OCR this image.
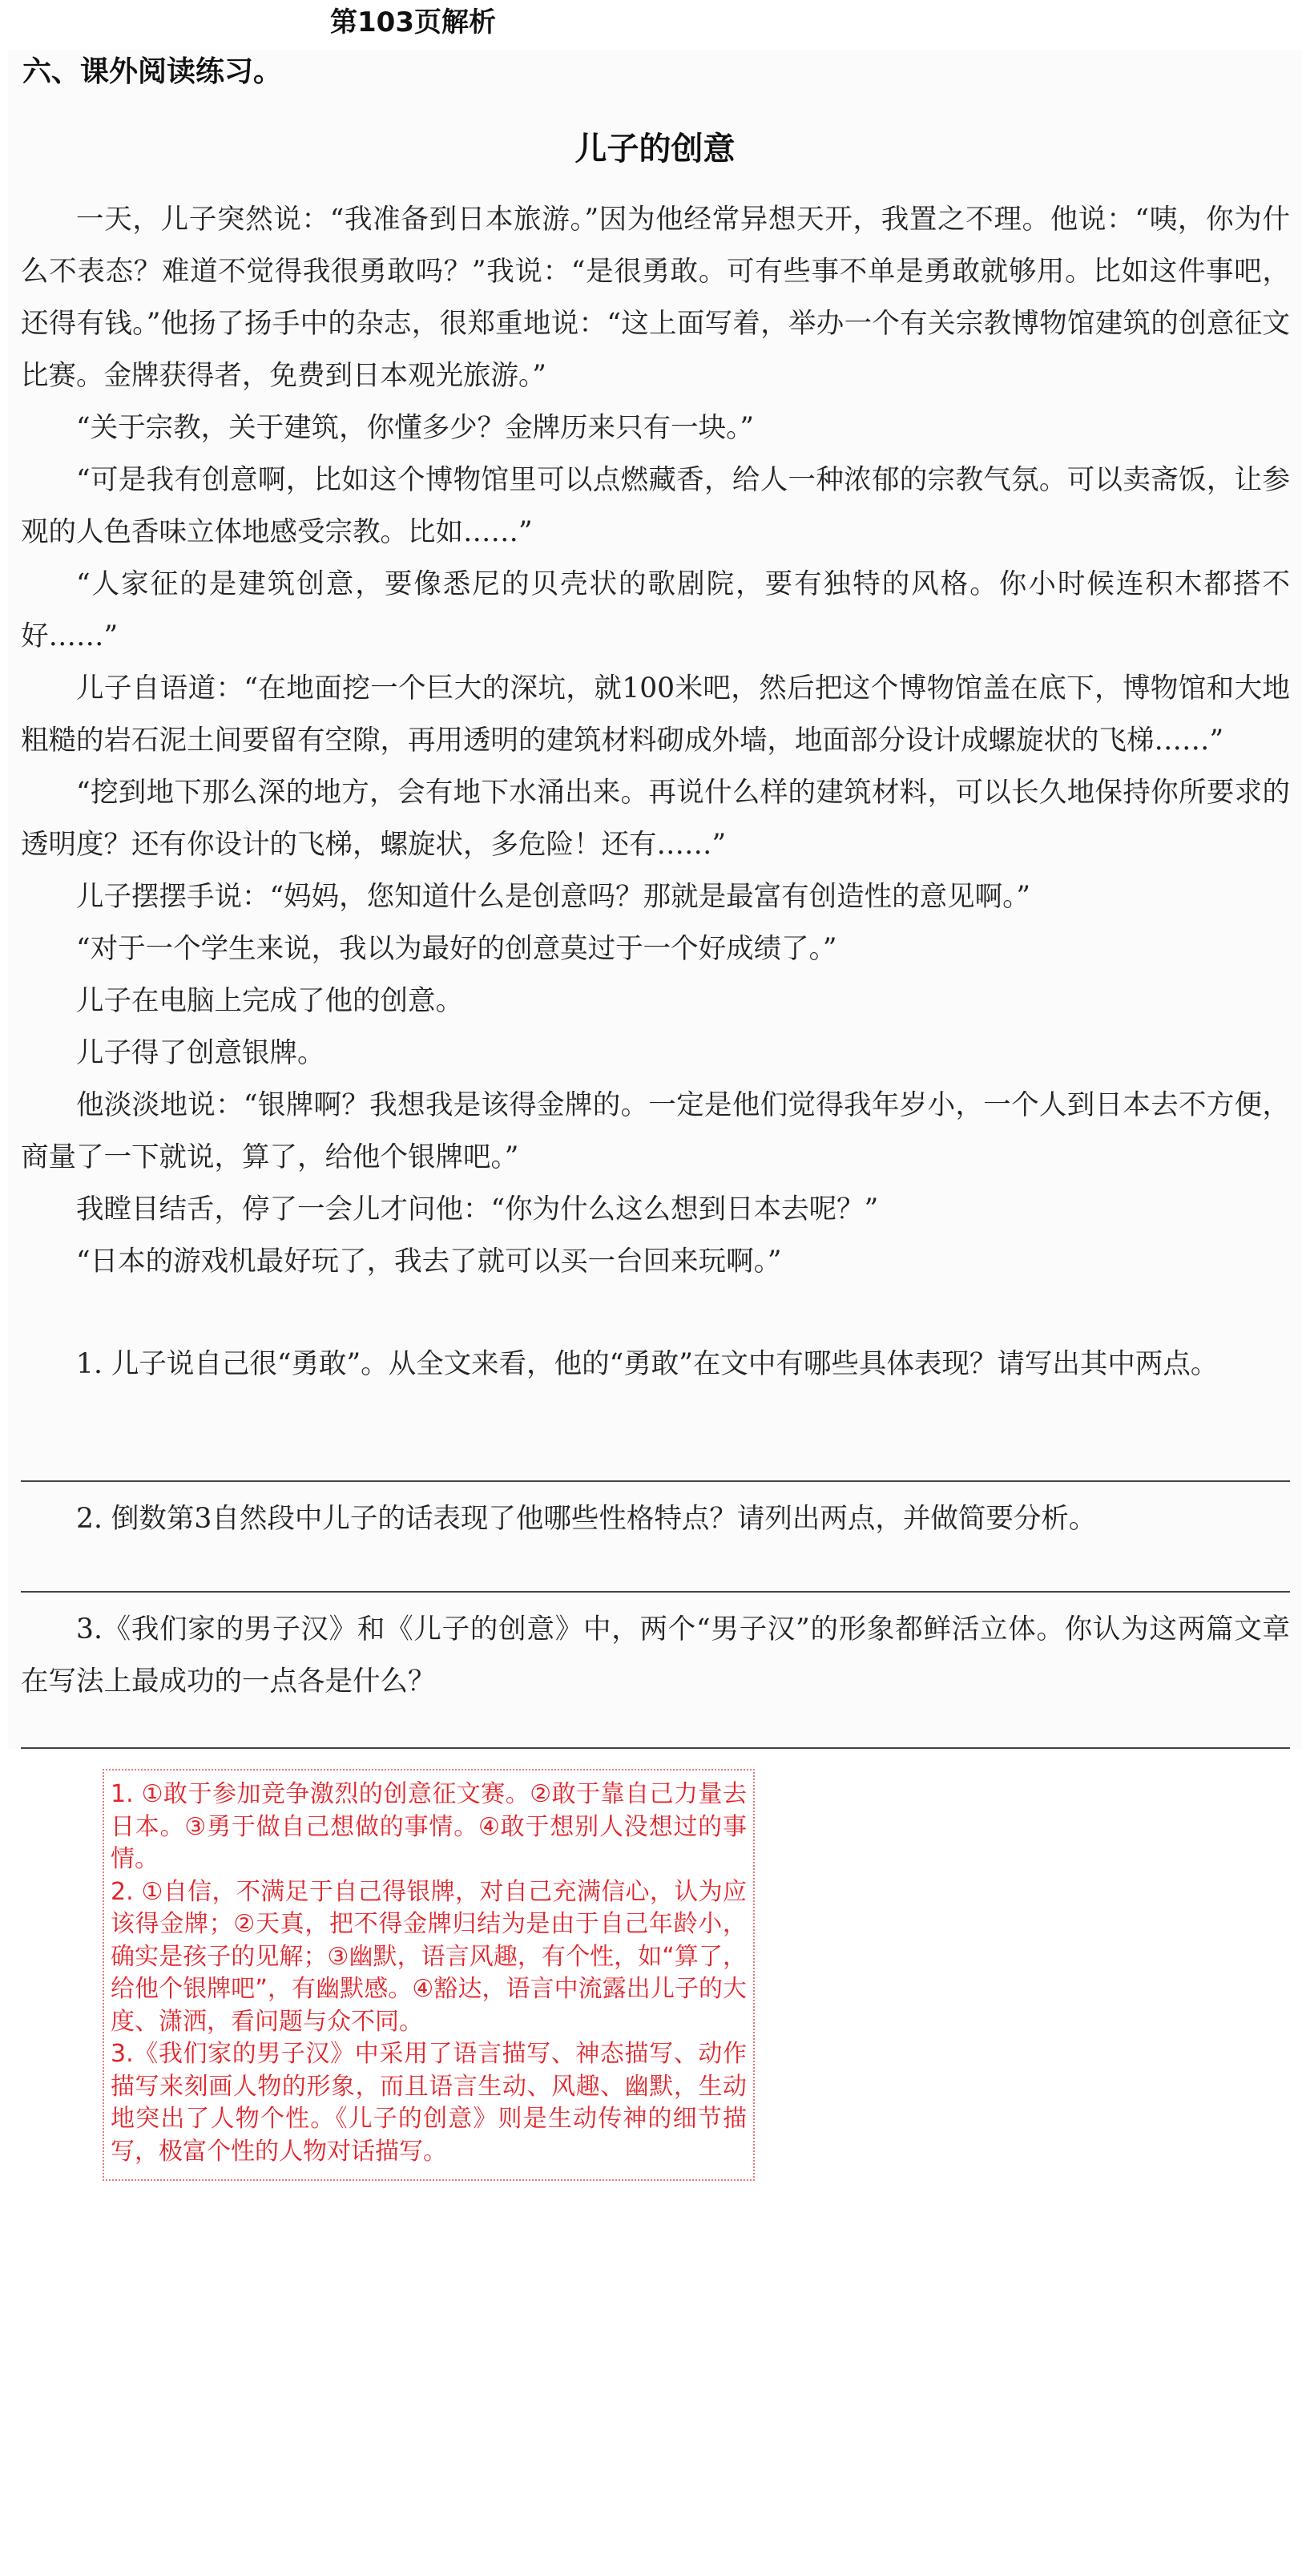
第103页解析
六、课外阅读练习。
儿子的创意

一天，儿子突然说：“我准备到日本旅游。”因为他经常异想天开，我置之不理。他说：“咦，你为什么不表态？难道不觉得我很勇敢吗？”我说：“是很勇敢。可有些事不单是勇敢就够用。比如这件事吧，还得有钱。”他扬了扬手中的杂志，很郑重地说：“这上面写着，举办一个有关宗教博物馆建筑的创意征文比赛。金牌获得者，免费到日本观光旅游。”

“关于宗教，关于建筑，你懂多少？金牌历来只有一块。”

“可是我有创意啊，比如这个博物馆里可以点燃藏香，给人一种浓郁的宗教气氛。可以卖斋饭，让参观的人色香味立体地感受宗教。比如……”

“人家征的是建筑创意，要像悉尼的贝壳状的歌剧院，要有独特的风格。你小时候连积木都搭不好……”

儿子自语道：“在地面挖一个巨大的深坑，就100米吧，然后把这个博物馆盖在底下，博物馆和大地粗糙的岩石泥土间要留有空隙，再用透明的建筑材料砌成外墙，地面部分设计成螺旋状的飞梯……”

“挖到地下那么深的地方，会有地下水涌出来。再说什么样的建筑材料，可以长久地保持你所要求的透明度？还有你设计的飞梯，螺旋状，多危险！还有……”

儿子摆摆手说：“妈妈，您知道什么是创意吗？那就是最富有创造性的意见啊。”

“对于一个学生来说，我以为最好的创意莫过于一个好成绩了。”

儿子在电脑上完成了他的创意。

儿子得了创意银牌。

他淡淡地说：“银牌啊？我想我是该得金牌的。一定是他们觉得我年岁小，一个人到日本去不方便，商量了一下就说，算了，给他个银牌吧。”

我瞠目结舌，停了一会儿才问他：“你为什么这么想到日本去呢？”

“日本的游戏机最好玩了，我去了就可以买一台回来玩啊。”

1. 儿子说自己很“勇敢”。从全文来看，他的“勇敢”在文中有哪些具体表现？请写出其中两点。

2. 倒数第3自然段中儿子的话表现了他哪些性格特点？请列出两点，并做简要分析。

3.《我们家的男子汉》和《儿子的创意》中，两个“男子汉”的形象都鲜活立体。你认为这两篇文章在写法上最成功的一点各是什么？

1. ①敢于参加竞争激烈的创意征文赛。②敢于靠自己力量去日本。③勇于做自己想做的事情。④敢于想别人没想过的事情。

2. ①自信，不满足于自己得银牌，对自己充满信心，认为应该得金牌；②天真，把不得金牌归结为是由于自己年龄小，确实是孩子的见解；③幽默，语言风趣，有个性，如“算了，给他个银牌吧”，有幽默感。④豁达，语言中流露出儿子的大度、潇洒，看问题与众不同。

3.《我们家的男子汉》中采用了语言描写、神态描写、动作描写来刻画人物的形象，而且语言生动、风趣、幽默，生动地突出了人物个性。《儿子的创意》则是生动传神的细节描写，极富个性的人物对话描写。
